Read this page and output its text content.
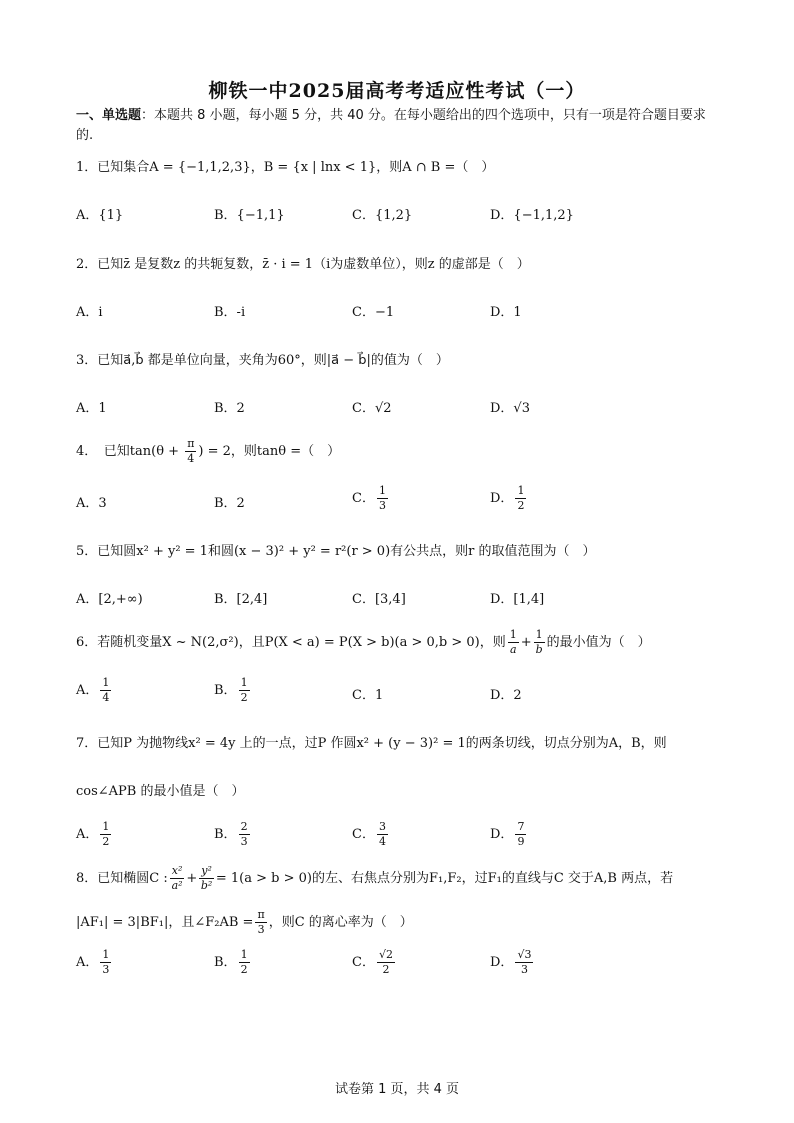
柳铁一中2025届高考考适应性考试（一）
一、单选题：本题共 8 小题，每小题 5 分，共 40 分。在每小题给出的四个选项中，只有一项是符合题目要求的.
1．已知集合A = {−1,1,2,3}，B = {x | lnx < 1}，则A ∩ B =（　）
A．{1}	B．{−1,1}	C．{1,2}	D．{−1,1,2}
2．已知z̄ 是复数z 的共轭复数，z̄ · i = 1（i为虚数单位），则z 的虚部是（　）
A．i	B．-i	C．−1	D．1
3．已知a⃗,b⃗ 都是单位向量，夹角为60°，则|a⃗ − b⃗|的值为（　）
A．1	B．2	C．√2	D．√3
4．　已知$\tan(\theta + \frac{\pi}{4}$ ) = 2，则tanθ =（　）
A．3	B．2	C． $\frac{1}{3}$	D． $\frac{1}{2}$
5．已知圆x² + y² = 1和圆(x − 3)² + y² = r²(r > 0)有公共点，则r 的取值范围为（　）
A．[2,+∞)	B．[2,4]	C．[3,4]	D．[1,4]
6．若随机变量X ~ N(2,σ²)，且P(X < a) = P(X > b)(a > 0,b > 0)，则 $\frac{1}{a} + \frac{1}{b}$ 的最小值为（　）
A． $\frac{1}{4}$	B． $\frac{1}{2}$	C．1	D．2
7．已知P 为抛物线x² = 4y 上的一点，过P 作圆x² + (y − 3)² = 1的两条切线，切点分别为A，B，则
cos∠APB 的最小值是（　）
A． $\frac{1}{2}$	B． $\frac{2}{3}$	C． $\frac{3}{4}$	D． $\frac{7}{9}$
8．已知椭圆C : $\frac{\text{x²}}{\text{a²}} + \frac{\text{y²}}{\text{b²}} = 1(a > b > 0)$的左、右焦点分别为F₁,F₂，过F₁的直线与C 交于A,B 两点，若
|AF₁| = 3|BF₁|，且∠F₂AB = $\frac{\pi}{3}$ ，则C 的离心率为（　）
A． $\frac{1}{3}$	B． $\frac{1}{2}$	C． $\frac{√2}{2}$	D． $\frac{√3}{3}$
试卷第 1 页，共 4 页
